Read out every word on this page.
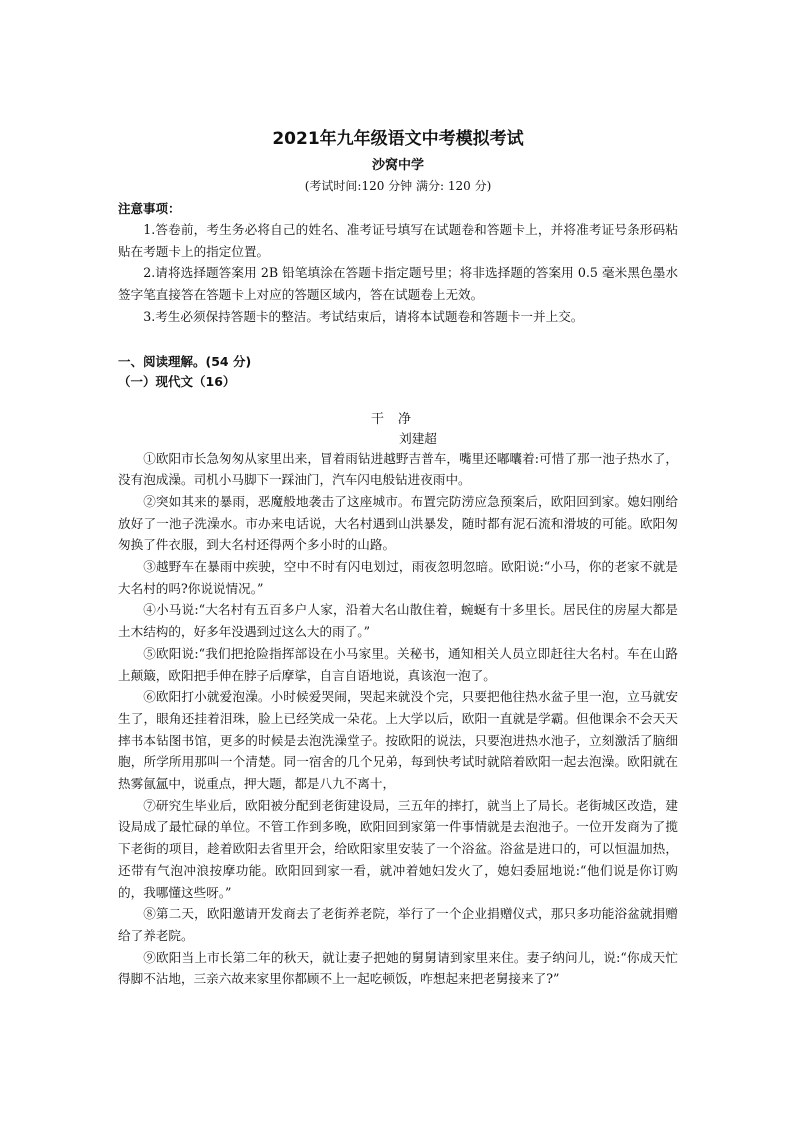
2021年九年级语文中考模拟考试
沙窝中学
(考试时间:120 分钟 满分: 120 分)
注意事项：

1.答卷前，考生务必将自己的姓名、准考证号填写在试题卷和答题卡上，并将准考证号条形码粘贴在考题卡上的指定位置。

2.请将选择题答案用 2B 铅笔填涂在答题卡指定题号里；将非选择题的答案用 0.5 毫米黑色墨水签字笔直接答在答题卡上对应的答题区域内，答在试题卷上无效。

3.考生必须保持答题卡的整洁。考试结束后，请将本试题卷和答题卡一并上交。

一、阅读理解。(54 分)
（一）现代文（16）
干净
刘建超

①欧阳市长急匆匆从家里出来，冒着雨钻进越野吉普车，嘴里还嘟囔着:可惜了那一池子热水了，没有泡成澡。司机小马脚下一踩油门，汽车闪电般钻进夜雨中。

②突如其来的暴雨，恶魔般地袭击了这座城市。布置完防涝应急预案后，欧阳回到家。媳妇刚给放好了一池子洗澡水。市办来电话说，大名村遇到山洪暴发，随时都有泥石流和滑坡的可能。欧阳匆匆换了件衣服，到大名村还得两个多小时的山路。

③越野车在暴雨中疾驶，空中不时有闪电划过，雨夜忽明忽暗。欧阳说:“小马，你的老家不就是大名村的吗?你说说情况。”

④小马说:“大名村有五百多户人家，沿着大名山散住着，蜿蜒有十多里长。居民住的房屋大都是土木结构的，好多年没遇到过这么大的雨了。”

⑤欧阳说:“我们把抢险指挥部设在小马家里。关秘书，通知相关人员立即赶往大名村。车在山路上颠簸，欧阳把手伸在脖子后摩挲，自言自语地说，真该泡一泡了。

⑥欧阳打小就爱泡澡。小时候爱哭闹，哭起来就没个完，只要把他往热水盆子里一泡，立马就安生了，眼角还挂着泪珠，脸上已经笑成一朵花。上大学以后，欧阳一直就是学霸。但他课余不会天天摔书本钻图书馆，更多的时候是去泡洗澡堂子。按欧阳的说法，只要泡进热水池子，立刻激活了脑细胞，所学所用那叫一个清楚。同一宿舍的几个兄弟，每到快考试时就陪着欧阳一起去泡澡。欧阳就在热雾氤氲中，说重点，押大题，都是八九不离十，

⑦研究生毕业后，欧阳被分配到老街建设局，三五年的摔打，就当上了局长。老街城区改造，建设局成了最忙碌的单位。不管工作到多晚，欧阳回到家第一件事情就是去泡池子。一位开发商为了揽下老街的项目，趁着欧阳去省里开会，给欧阳家里安装了一个浴盆。浴盆是进口的，可以恒温加热，还带有气泡冲浪按摩功能。欧阳回到家一看，就冲着她妇发火了，媳妇委屈地说:“他们说是你订购的，我哪懂这些呀。”

⑧第二天，欧阳邀请开发商去了老街养老院，举行了一个企业捐赠仪式，那只多功能浴盆就捐赠给了养老院。

⑨欧阳当上市长第二年的秋天，就让妻子把她的舅舅请到家里来住。妻子纳问儿，说:“你成天忙得脚不沾地，三亲六故来家里你都顾不上一起吃顿饭，咋想起来把老舅接来了?”
